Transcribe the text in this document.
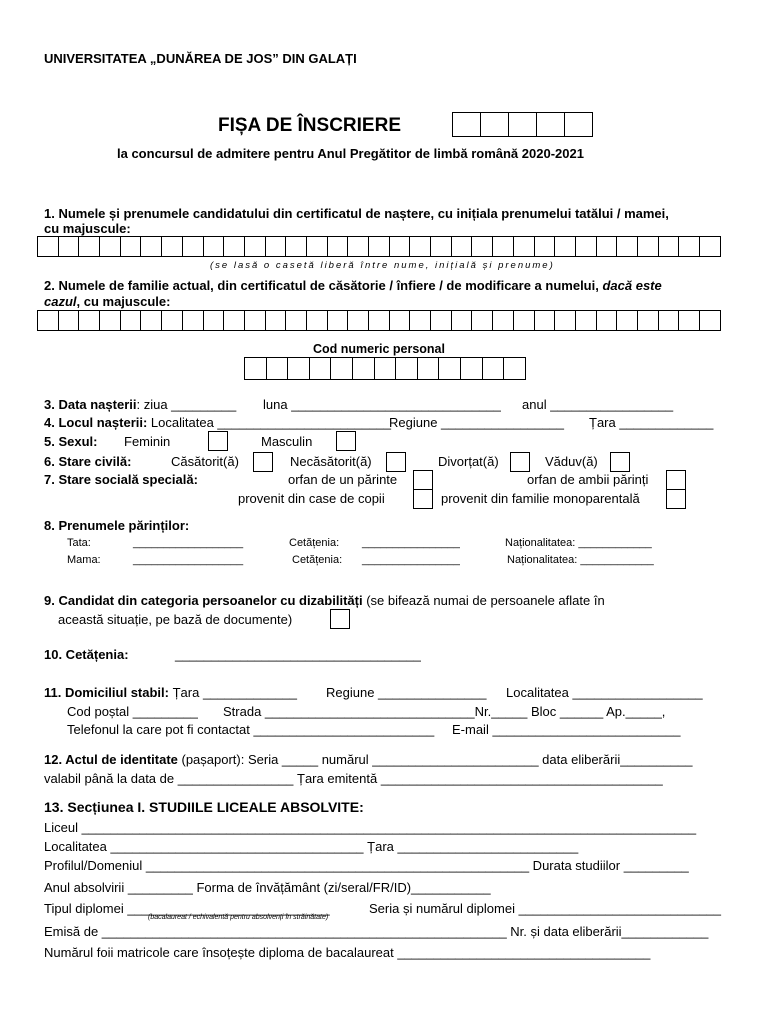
UNIVERSITATEA „DUNĂREA DE JOS” DIN GALAȚI
FIȘA DE ÎNSCRIERE
la concursul de admitere pentru Anul Pregătitor de limbă română 2020-2021
1. Numele și prenumele candidatului din certificatul de naștere, cu inițiala prenumelui tatălui / mamei,
cu majuscule:
(se lasă o casetă liberă între nume, inițială și prenume)
2. Numele de familie actual, din certificatul de căsătorie / înfiere / de modificare a numelui, dacă este
cazul, cu majuscule:
Cod numeric personal
3. Data nașterii: ziua _________ luna _____________________________ anul _________________
4. Locul nașterii: Localitatea ________________________
Regiune _________________ Țara _____________
5. Sexul: Feminin	Masculin
6. Stare civilă:	Căsătorit(ă)	Necăsătorit(ă)	Divorțat(ă)	Văduv(ă)
7. Stare socială specială:	orfan de un părinte	orfan de ambii părinți
provenit din case de copii	provenit din familie monoparentală
8. Prenumele părinților:
Tata:	__________________	Cetățenia: ________________	Naționalitatea: ____________
Mama:	__________________	Cetățenia: ________________	Naționalitatea: ____________
9. Candidat din categoria persoanelor cu dizabilități (se bifează numai de persoanele aflate în
această situație, pe bază de documente)
10. Cetățenia:	__________________________________
11. Domiciliul stabil: Țara _____________ Regiune _______________ Localitatea __________________
Cod poștal _________ Strada _____________________________Nr._____ Bloc ______ Ap._____,
Telefonul la care pot fi contactat _________________________ E-mail __________________________
12. Actul de identitate (pașaport): Seria _____ numărul _______________________ data eliberării__________
valabil până la data de ________________ Țara emitentă _______________________________________
13. Secțiunea I. STUDIILE LICEALE ABSOLVITE:
Liceul _____________________________________________________________________________________
Localitatea ___________________________________ Țara _________________________
Profilul/Domeniul _____________________________________________________ Durata studiilor _________
Anul absolvirii _________ Forma de învățământ (zi/seral/FR/ID)___________
Tipul diplomei ____________________________
(bacalaureat / echivalentă pentru absolvenți în străinătate)
Seria și numărul diplomei ____________________________
Emisă de ________________________________________________________ Nr. și data eliberării____________
Numărul foii matricole care însoțește diploma de bacalaureat ___________________________________
